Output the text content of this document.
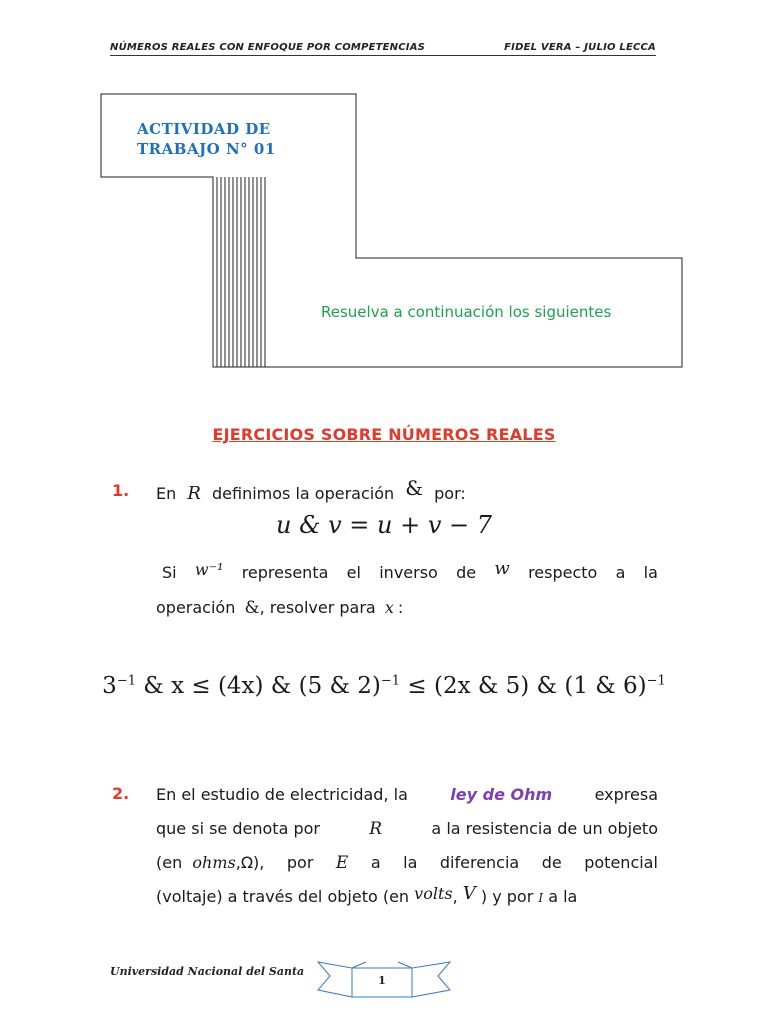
NÚMEROS REALES CON ENFOQUE POR COMPETENCIAS	FIDEL VERA – JULIO LECCA
ACTIVIDAD DE
TRABAJO N° 01
Resuelva a continuación los siguientes
EJERCICIOS SOBRE NÚMEROS REALES
1. En R definimos la operación & por:
u & v = u + v − 7
Si w⁻¹ representa el inverso de w respecto a la
operación &, resolver para x :
$3^{-1}$ & x ≤ (4x) & (5 & 2)$^{-1}$ ≤ (2x & 5) & (1 & 6)$^{-1}$
2. En el estudio de electricidad, la	ley de Ohm	expresa
que si se denota por	R	a la resistencia de un objeto
(en ohms,Ω), por E a la diferencia de potencial
(voltaje) a través del objeto (en volts, V ) y por I a la
Universidad Nacional del Santa
1
